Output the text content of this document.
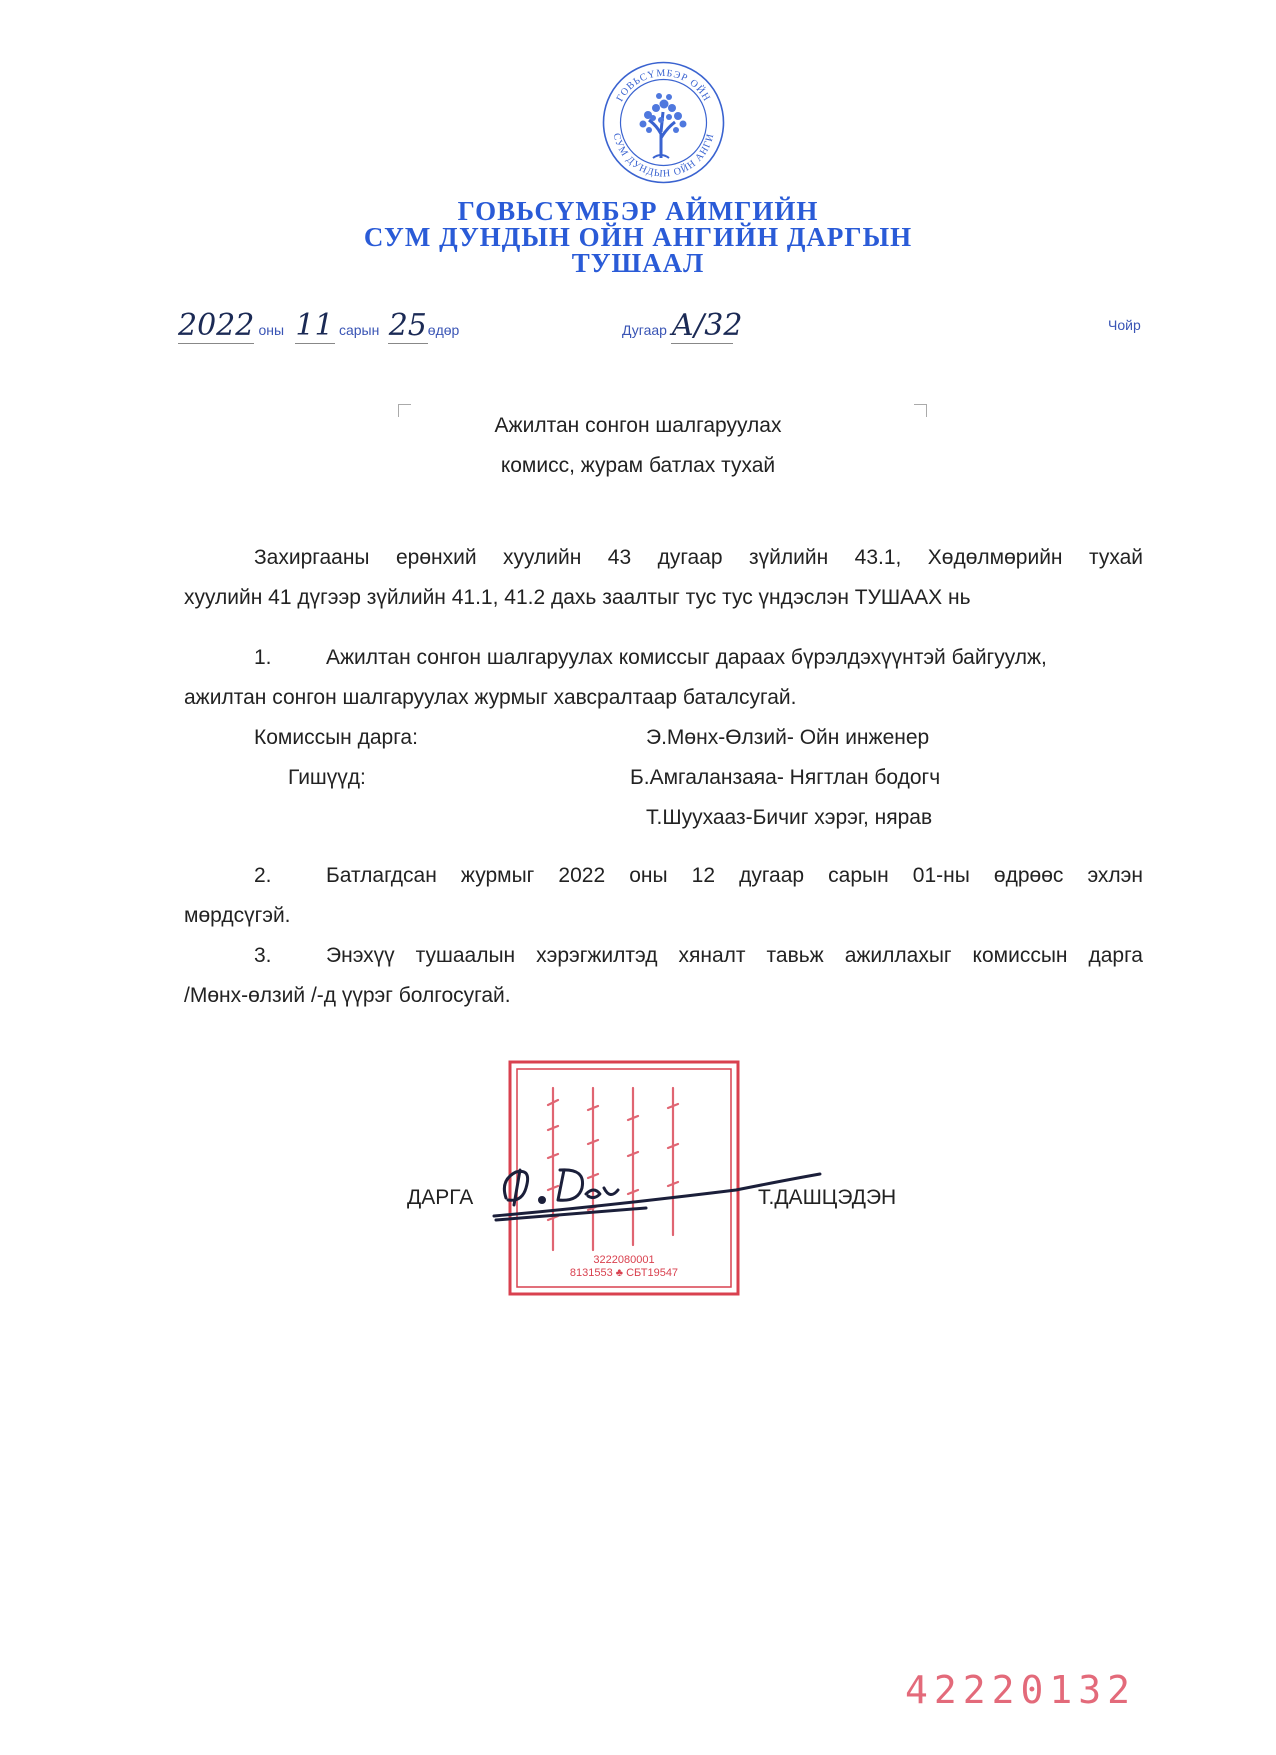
ГОВЬСҮМБЭР ОЙН
СУМ ДУНДЫН ОЙН АНГИ
ГОВЬСҮМБЭР АЙМГИЙН
СУМ ДУНДЫН ОЙН АНГИЙН ДАРГЫН
ТУШААЛ
2022 оны 11 сарын 25өдөр	Дугаар А/32	Чойр
Ажилтан сонгон шалгаруулах
комисс, журам батлах тухай
Захиргааны ерөнхий хуулийн 43 дугаар зүйлийн 43.1, Хөдөлмөрийн тухай
хуулийн 41 дүгээр зүйлийн 41.1, 41.2 дахь заалтыг тус тус үндэслэн ТУШААХ нь
1.	Ажилтан сонгон шалгаруулах комиссыг дараах бүрэлдэхүүнтэй байгуулж,
ажилтан сонгон шалгаруулах журмыг хавсралтаар баталсугай.
Комиссын дарга:	Э.Мөнх-Өлзий- Ойн инженер
Гишүүд:	Б.Амгаланзаяа- Нягтлан бодогч
Т.Шуухааз-Бичиг хэрэг, нярав
2.	Батлагдсан журмыг 2022 оны 12 дугаар сарын 01-ны өдрөөс эхлэн
мөрдсүгэй.
3.	Энэхүү тушаалын хэрэгжилтэд хяналт тавьж ажиллахыг комиссын дарга
/Мөнх-өлзий /-д үүрэг болгосугай.
3222080001
8131553 ♣ СБТ19547
ДАРГА	Т.ДАШЦЭДЭН
42220132
